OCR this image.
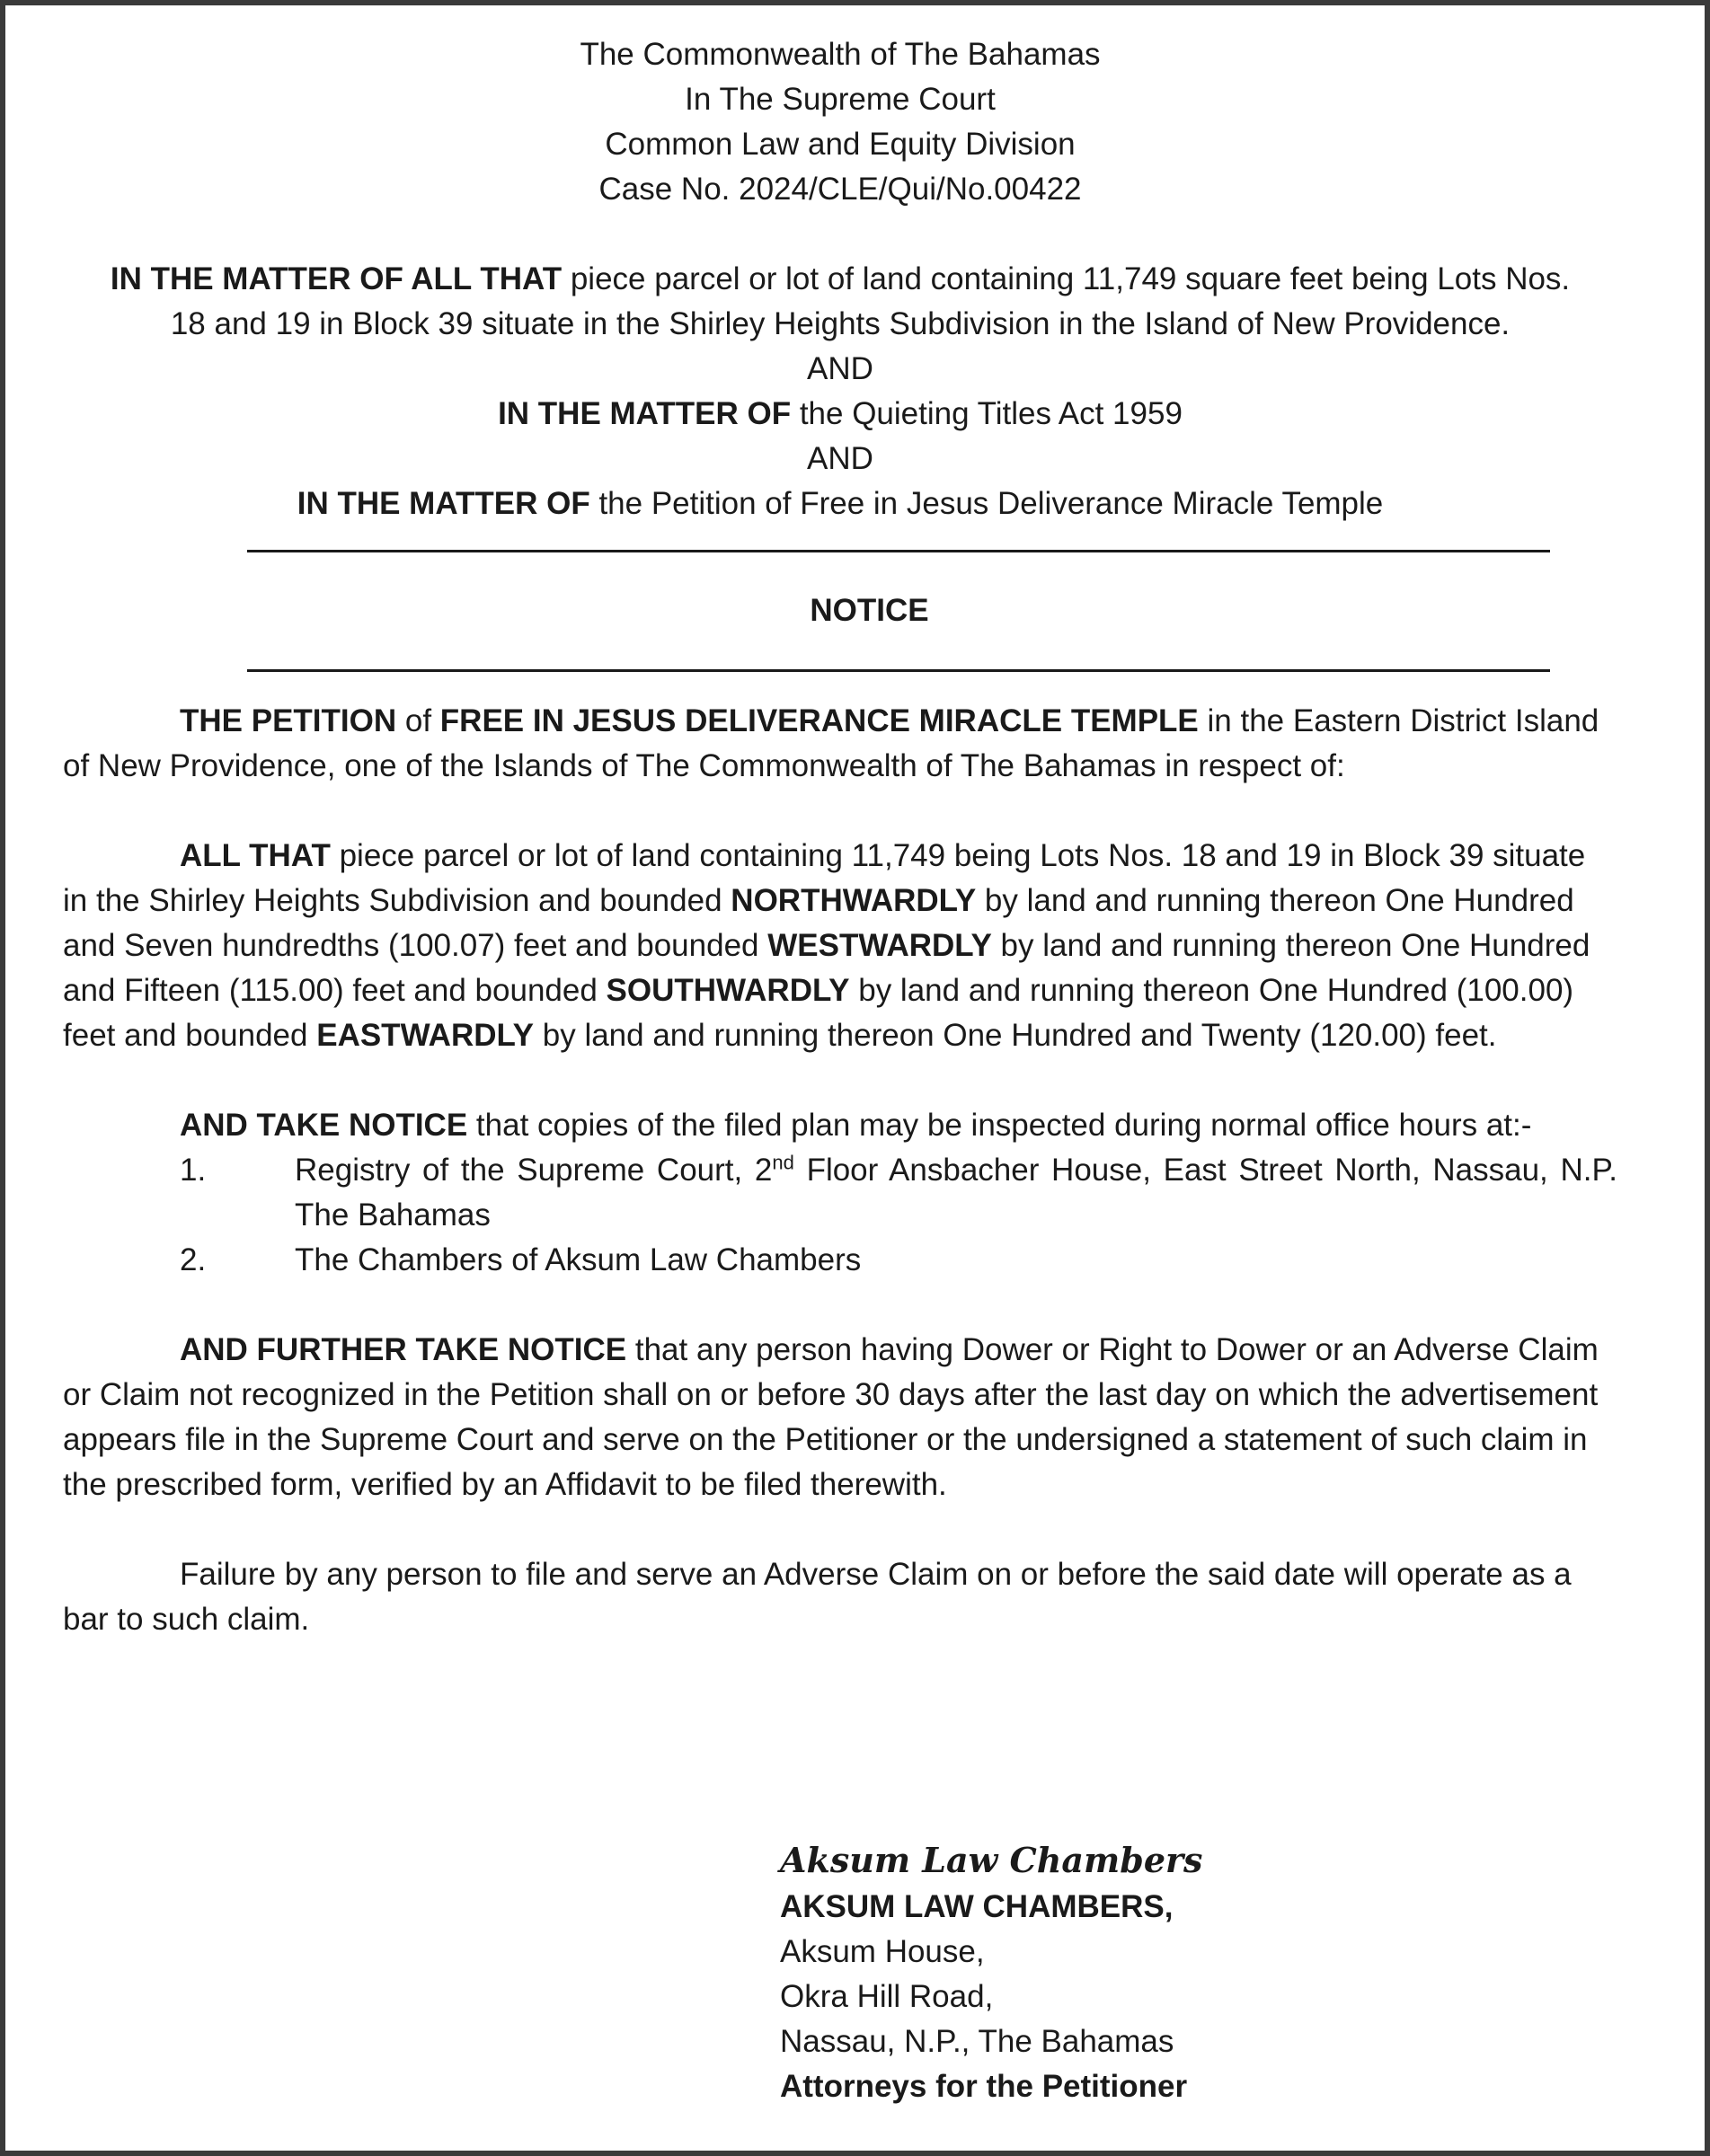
The Commonwealth of The Bahamas
In The Supreme Court
Common Law and Equity Division
Case No. 2024/CLE/Qui/No.00422
IN THE MATTER OF ALL THAT piece parcel or lot of land containing 11,749 square feet being Lots Nos.
18 and 19 in Block 39 situate in the Shirley Heights Subdivision in the Island of New Providence.
AND
IN THE MATTER OF the Quieting Titles Act 1959
AND
IN THE MATTER OF the Petition of Free in Jesus Deliverance Miracle Temple
NOTICE

THE PETITION of FREE IN JESUS DELIVERANCE MIRACLE TEMPLE in the Eastern District Island of New Providence, one of the Islands of The Commonwealth of The Bahamas in respect of:

ALL THAT piece parcel or lot of land containing 11,749 being Lots Nos. 18 and 19 in Block 39 situate in the Shirley Heights Subdivision and bounded NORTHWARDLY by land and running thereon One Hundred and Seven hundredths (100.07) feet and bounded WESTWARDLY by land and running thereon One Hundred and Fifteen (115.00) feet and bounded SOUTHWARDLY by land and running thereon One Hundred (100.00) feet and bounded EASTWARDLY by land and running thereon One Hundred and Twenty (120.00) feet.

AND TAKE NOTICE that copies of the filed plan may be inspected during normal office hours at:-

1.	Registry of the Supreme Court, 2nd Floor Ansbacher House, East Street North, Nassau, N.P. The Bahamas
2.	The Chambers of Aksum Law Chambers

AND FURTHER TAKE NOTICE that any person having Dower or Right to Dower or an Adverse Claim or Claim not recognized in the Petition shall on or before 30 days after the last day on which the advertisement appears file in the Supreme Court and serve on the Petitioner or the undersigned a statement of such claim in the prescribed form, verified by an Affidavit to be filed therewith.

Failure by any person to file and serve an Adverse Claim on or before the said date will operate as a bar to such claim.

Aksum Law Chambers
AKSUM LAW CHAMBERS,
Aksum House,
Okra Hill Road,
Nassau, N.P., The Bahamas
Attorneys for the Petitioner
